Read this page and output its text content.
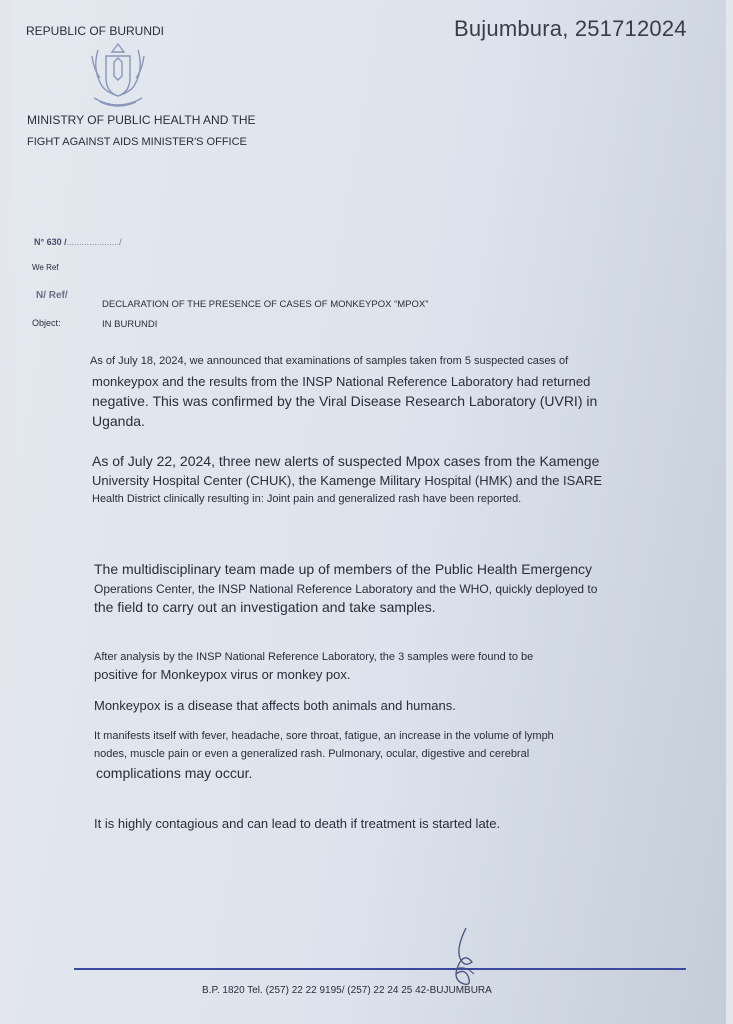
REPUBLIC OF BURUNDI	Bujumbura, 251712024
MINISTRY OF PUBLIC HEALTH AND THE
FIGHT AGAINST AIDS MINISTER'S OFFICE
N° 630 /...................../
We Ref
N/ Ref/
Object:
DECLARATION OF THE PRESENCE OF CASES OF MONKEYPOX “MPOX”
IN BURUNDI

As of July 18, 2024, we announced that examinations of samples taken from 5 suspected cases of

monkeypox and the results from the INSP National Reference Laboratory had returned

negative. This was confirmed by the Viral Disease Research Laboratory (UVRI) in

Uganda.

As of July 22, 2024, three new alerts of suspected Mpox cases from the Kamenge

University Hospital Center (CHUK), the Kamenge Military Hospital (HMK) and the ISARE

Health District clinically resulting in: Joint pain and generalized rash have been reported.

The multidisciplinary team made up of members of the Public Health Emergency

Operations Center, the INSP National Reference Laboratory and the WHO, quickly deployed to

the field to carry out an investigation and take samples.

After analysis by the INSP National Reference Laboratory, the 3 samples were found to be

positive for Monkeypox virus or monkey pox.

Monkeypox is a disease that affects both animals and humans.

It manifests itself with fever, headache, sore throat, fatigue, an increase in the volume of lymph

nodes, muscle pain or even a generalized rash. Pulmonary, ocular, digestive and cerebral

complications may occur.

It is highly contagious and can lead to death if treatment is started late.

B.P. 1820 Tel. (257) 22 22 9195/ (257) 22 24 25 42-BUJUMBURA
